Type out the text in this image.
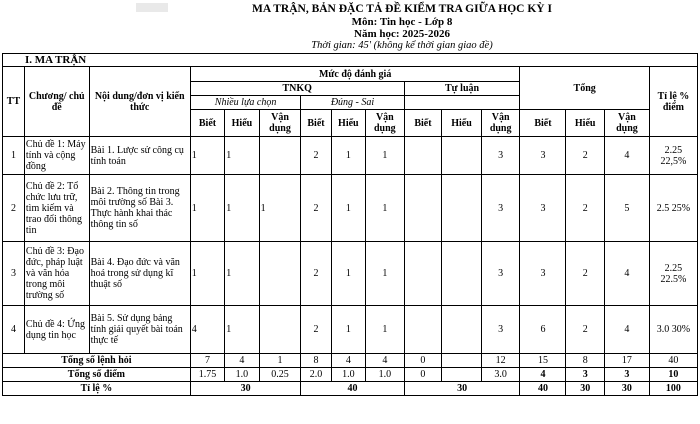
MA TRẬN, BẢN ĐẶC TẢ ĐỀ KIỂM TRA GIỮA HỌC KỲ I
Môn: Tin học - Lớp 8
Năm học: 2025-2026
Thời gian: 45' (không kể thời gian giao đề)
I. MA TRẬN
TT	Chương/ chủ đề	Nội dung/đơn vị kiến thức	Mức độ đánh giá									Tổng			Tỉ lệ % điểm
			TNKQ						Tự luận						
			Nhiều lựa chọn			Đúng - Sai									
			Biết	Hiểu	Vận dụng	Biết	Hiểu	Vận dụng	Biết	Hiểu	Vận dụng	Biết	Hiểu	Vận dụng	
1	Chủ đề 1: Máy tính và cộng đồng	Bài 1. Lược sử công cụ tính toán	1	1		2	1	1			3	3	2	4	2.25 22,5%
2	Chủ đề 2: Tổ chức lưu trữ, tìm kiếm và trao đổi thông tin	Bài 2. Thông tin trong môi trường số Bài 3. Thực hành khai thác thông tin số	1	1	1	2	1	1			3	3	2	5	2.5 25%
3	Chủ đề 3: Đạo đức, pháp luật và văn hóa trong môi trường số	Bài 4. Đạo đức và văn hoá trong sử dụng kĩ thuật số	1	1		2	1	1			3	3	2	4	2.25 22.5%
4	Chủ đề 4: Ứng dụng tin học	Bài 5. Sử dụng bảng tính giải quyết bài toán thực tế	4	1		2	1	1			3	6	2	4	3.0 30%
Tổng số lệnh hỏi			7	4	1	8	4	4	0		12	15	8	17	40
Tổng số điểm			1.75	1.0	0.25	2.0	1.0	1.0	0		3.0	4	3	3	10
Tỉ lệ %			30			40			30			40	30	30	100
